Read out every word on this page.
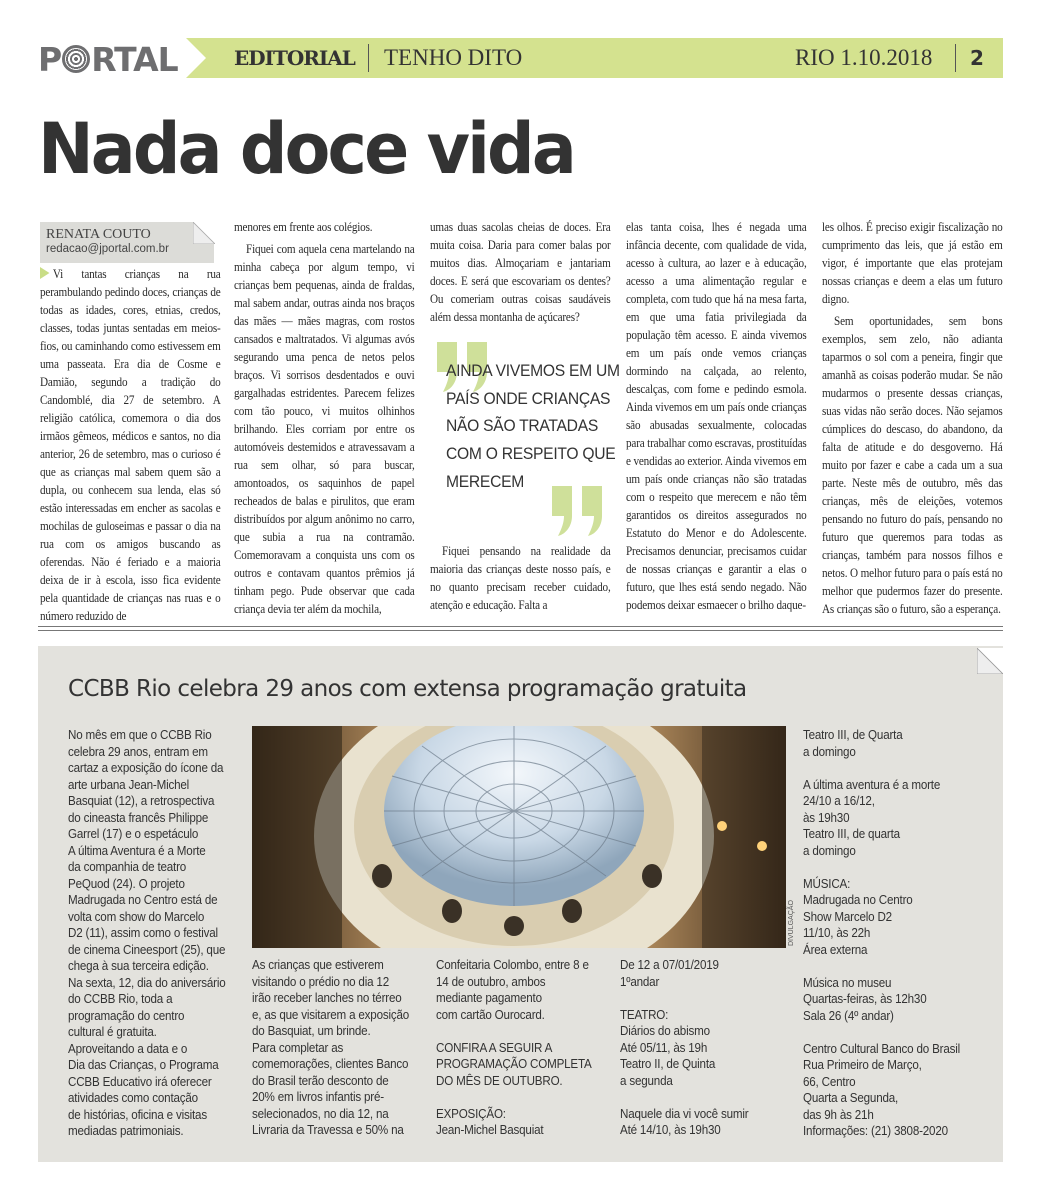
P RTAL	EDITORIAL TENHO DITO	RIO 1.10.2018 2
Nada doce vida
RENATA COUTO
redacao@jportal.com.br

Vi tantas crianças na rua perambulando pedindo doces, crianças de todas as idades, cores, etnias, credos, classes, todas juntas sentadas em meios-fios, ou caminhando como estivessem em uma passeata. Era dia de Cosme e Damião, segundo a tradição do Candomblé, dia 27 de setembro. A religião católica, comemora o dia dos irmãos gêmeos, médicos e santos, no dia anterior, 26 de setembro, mas o curioso é que as crianças mal sabem quem são a dupla, ou conhecem sua lenda, elas só estão interessadas em encher as sacolas e mochilas de guloseimas e passar o dia na rua com os amigos buscando as oferendas. Não é feriado e a maioria deixa de ir à escola, isso fica evidente pela quantidade de crianças nas ruas e o número reduzido de

menores em frente aos colégios.

Fiquei com aquela cena martelando na minha cabeça por algum tempo, vi crianças bem pequenas, ainda de fraldas, mal sabem andar, outras ainda nos braços das mães — mães magras, com rostos cansados e maltratados. Vi algumas avós segurando uma penca de netos pelos braços. Vi sorrisos desdentados e ouvi gargalhadas estridentes. Parecem felizes com tão pouco, vi muitos olhinhos brilhando. Eles corriam por entre os automóveis destemidos e atravessavam a rua sem olhar, só para buscar, amontoados, os saquinhos de papel recheados de balas e pirulitos, que eram distribuídos por algum anônimo no carro, que subia a rua na contramão. Comemoravam a conquista uns com os outros e contavam quantos prêmios já tinham pego. Pude observar que cada criança devia ter além da mochila,

umas duas sacolas cheias de doces. Era muita coisa. Daria para comer balas por muitos dias. Almoçariam e jantariam doces. E será que escovariam os dentes? Ou comeriam outras coisas saudáveis além dessa montanha de açúcares?

AINDA VIVEMOS EM UM PAÍS ONDE CRIANÇAS NÃO SÃO TRATADAS COM O RESPEITO QUE MERECEM

Fiquei pensando na realidade da maioria das crianças deste nosso país, e no quanto precisam receber cuidado, atenção e educação. Falta a

elas tanta coisa, lhes é negada uma infância decente, com qualidade de vida, acesso à cultura, ao lazer e à educação, acesso a uma alimentação regular e completa, com tudo que há na mesa farta, em que uma fatia privilegiada da população têm acesso. E ainda vivemos em um país onde vemos crianças dormindo na calçada, ao relento, descalças, com fome e pedindo esmola. Ainda vivemos em um país onde crianças são abusadas sexualmente, colocadas para trabalhar como escravas, prostituídas e vendidas ao exterior. Ainda vivemos em um país onde crianças não são tratadas com o respeito que merecem e não têm garantidos os direitos assegurados no Estatuto do Menor e do Adolescente. Precisamos denunciar, precisamos cuidar de nossas crianças e garantir a elas o futuro, que lhes está sendo negado. Não podemos deixar esmaecer o brilho daque-

les olhos. É preciso exigir fiscalização no cumprimento das leis, que já estão em vigor, é importante que elas protejam nossas crianças e deem a elas um futuro digno.

Sem oportunidades, sem bons exemplos, sem zelo, não adianta taparmos o sol com a peneira, fingir que amanhã as coisas poderão mudar. Se não mudarmos o presente dessas crianças, suas vidas não serão doces. Não sejamos cúmplices do descaso, do abandono, da falta de atitude e do desgoverno. Há muito por fazer e cabe a cada um a sua parte. Neste mês de outubro, mês das crianças, mês de eleições, votemos pensando no futuro do país, pensando no futuro que queremos para todas as crianças, também para nossos filhos e netos. O melhor futuro para o país está no melhor que pudermos fazer do presente. As crianças são o futuro, são a esperança.

CCBB Rio celebra 29 anos com extensa programação gratuita
DIVULGAÇÃO
No mês em que o CCBB Rio
celebra 29 anos, entram em
cartaz a exposição do ícone da
arte urbana Jean-Michel
Basquiat (12), a retrospectiva
do cineasta francês Philippe
Garrel (17) e o espetáculo
A última Aventura é a Morte
da companhia de teatro
PeQuod (24). O projeto
Madrugada no Centro está de
volta com show do Marcelo
D2 (11), assim como o festival
de cinema Cineesport (25), que
chega à sua terceira edição.
Na sexta, 12, dia do aniversário
do CCBB Rio, toda a
programação do centro
cultural é gratuita.
Aproveitando a data e o
Dia das Crianças, o Programa
CCBB Educativo irá oferecer
atividades como contação
de histórias, oficina e visitas
mediadas patrimoniais.
As crianças que estiverem
visitando o prédio no dia 12
irão receber lanches no térreo
e, as que visitarem a exposição
do Basquiat, um brinde.
Para completar as
comemorações, clientes Banco
do Brasil terão desconto de
20% em livros infantis pré-
selecionados, no dia 12, na
Livraria da Travessa e 50% na
Confeitaria Colombo, entre 8 e
14 de outubro, ambos
mediante pagamento
com cartão Ourocard.

CONFIRA A SEGUIR A
PROGRAMAÇÃO COMPLETA
DO MÊS DE OUTUBRO.

EXPOSIÇÃO:
Jean-Michel Basquiat
De 12 a 07/01/2019
1ºandar

TEATRO:
Diários do abismo
Até 05/11, às 19h
Teatro II, de Quinta
a segunda

Naquele dia vi você sumir
Até 14/10, às 19h30
Teatro III, de Quarta
a domingo

A última aventura é a morte
24/10 a 16/12,
às 19h30
Teatro III, de quarta
a domingo

MÚSICA:
Madrugada no Centro
Show Marcelo D2
11/10, às 22h
Área externa

Música no museu
Quartas-feiras, às 12h30
Sala 26 (4º andar)

Centro Cultural Banco do Brasil
Rua Primeiro de Março,
66, Centro
Quarta a Segunda,
das 9h às 21h
Informações: (21) 3808-2020
